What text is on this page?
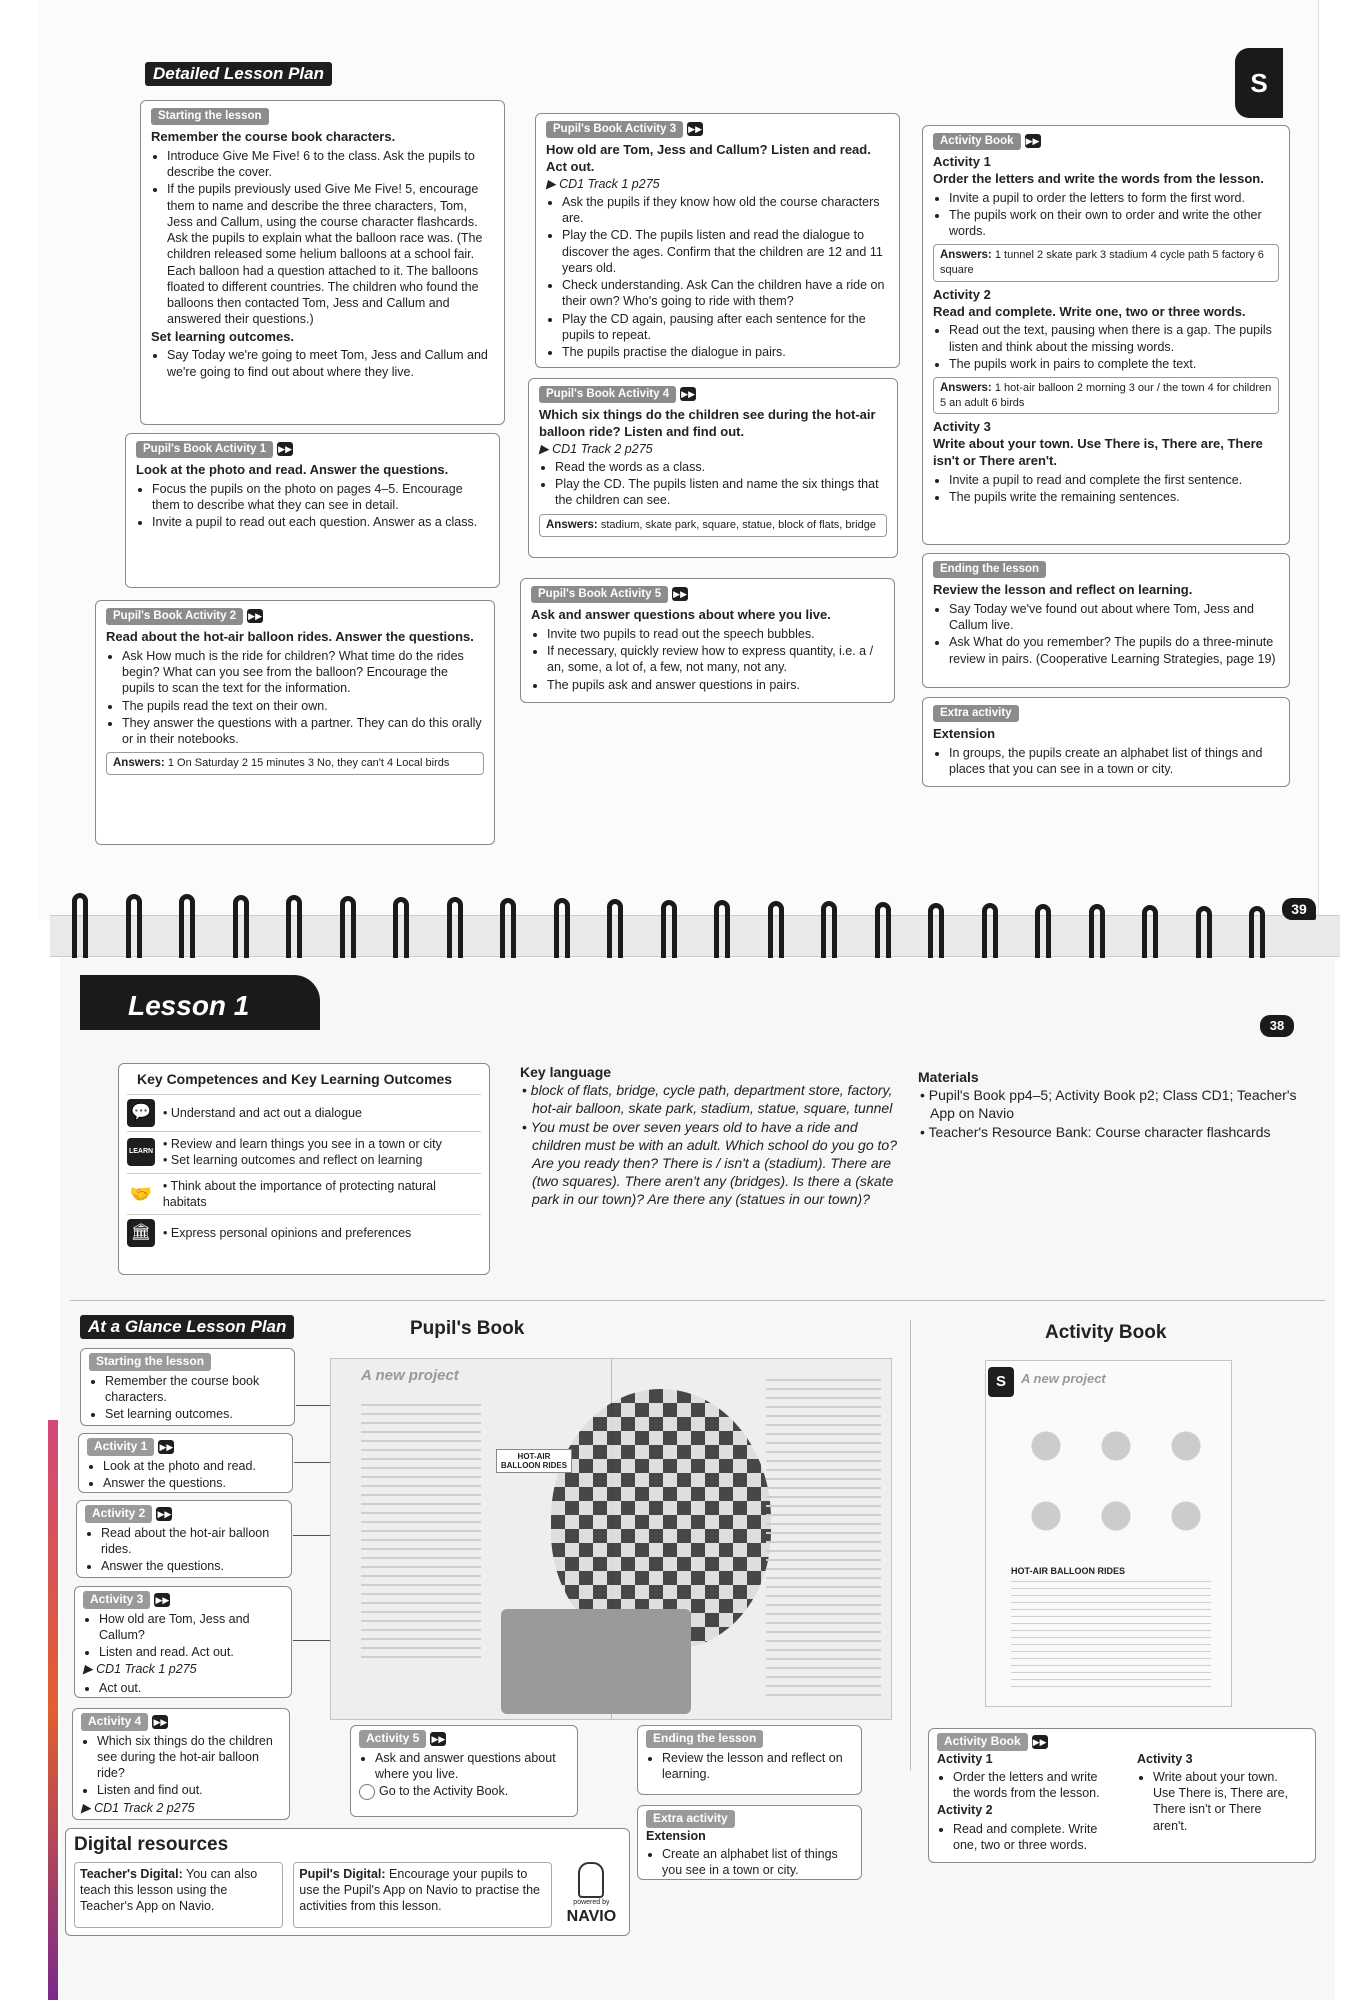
Detailed Lesson Plan	S
Starting the lesson
Remember the course book characters.
• Introduce Give Me Five! 6 to the class. Ask the pupils to describe the cover.
• If the pupils previously used Give Me Five! 5, encourage them to name and describe the three characters, Tom, Jess and Callum, using the course character flashcards. Ask the pupils to explain what the balloon race was. (The children released some helium balloons at a school fair. Each balloon had a question attached to it. The balloons floated to different countries. The children who found the balloons then contacted Tom, Jess and Callum and answered their questions.)
Set learning outcomes.
• Say Today we're going to meet Tom, Jess and Callum and we're going to find out about where they live.
Pupil's Book Activity 1 ▶▶
Look at the photo and read. Answer the questions.
• Focus the pupils on the photo on pages 4–5. Encourage them to describe what they can see in detail.
• Invite a pupil to read out each question. Answer as a class.
Pupil's Book Activity 2 ▶▶
Read about the hot-air balloon rides. Answer the questions.
• Ask How much is the ride for children? What time do the rides begin? What can you see from the balloon? Encourage the pupils to scan the text for the information.
• The pupils read the text on their own.
• They answer the questions with a partner. They can do this orally or in their notebooks.
Answers: 1 On Saturday 2 15 minutes 3 No, they can't 4 Local birds
Pupil's Book Activity 3 ▶▶
How old are Tom, Jess and Callum? Listen and read. Act out.
▶ CD1 Track 1 p275
• Ask the pupils if they know how old the course characters are.
• Play the CD. The pupils listen and read the dialogue to discover the ages. Confirm that the children are 12 and 11 years old.
• Check understanding. Ask Can the children have a ride on their own? Who's going to ride with them?
• Play the CD again, pausing after each sentence for the pupils to repeat.
• The pupils practise the dialogue in pairs.
Pupil's Book Activity 4 ▶▶
Which six things do the children see during the hot-air balloon ride? Listen and find out.
▶ CD1 Track 2 p275
• Read the words as a class.
• Play the CD. The pupils listen and name the six things that the children can see.
Answers: stadium, skate park, square, statue, block of flats, bridge
Pupil's Book Activity 5 ▶▶
Ask and answer questions about where you live.
• Invite two pupils to read out the speech bubbles.
• If necessary, quickly review how to express quantity, i.e. a / an, some, a lot of, a few, not many, not any.
• The pupils ask and answer questions in pairs.
Activity Book ▶▶
Activity 1
Order the letters and write the words from the lesson.
• Invite a pupil to order the letters to form the first word.
• The pupils work on their own to order and write the other words.
Answers: 1 tunnel 2 skate park 3 stadium 4 cycle path 5 factory 6 square
Activity 2
Read and complete. Write one, two or three words.
• Read out the text, pausing when there is a gap. The pupils listen and think about the missing words.
• The pupils work in pairs to complete the text.
Answers: 1 hot-air balloon 2 morning 3 our / the town 4 for children 5 an adult 6 birds
Activity 3
Write about your town. Use There is, There are, There isn't or There aren't.
• Invite a pupil to read and complete the first sentence.
• The pupils write the remaining sentences.
Ending the lesson
Review the lesson and reflect on learning.
• Say Today we've found out about where Tom, Jess and Callum live.
• Ask What do you remember? The pupils do a three-minute review in pairs. (Cooperative Learning Strategies, page 19)
Extra activity
Extension
• In groups, the pupils create an alphabet list of things and places that you can see in a town or city.
39
Lesson 1
38
Key Competences and Key Learning Outcomes
💬 • Understand and act out a dialogue
LEARN
• Review and learn things you see in a town or city
• Set learning outcomes and reflect on learning
🤝 • Think about the importance of protecting natural habitats
🏛 • Express personal opinions and preferences
Key language
• block of flats, bridge, cycle path, department store, factory, hot-air balloon, skate park, stadium, statue, square, tunnel
• You must be over seven years old to have a ride and children must be with an adult. Which school do you go to? Are you ready then? There is / isn't a (stadium). There are (two squares). There aren't any (bridges). Is there a (skate park in our town)? Are there any (statues in our town)?
Materials
• Pupil's Book pp4–5; Activity Book p2; Class CD1; Teacher's App on Navio
• Teacher's Resource Bank: Course character flashcards
At a Glance Lesson Plan	Pupil's Book	Activity Book
Starting the lesson
• Remember the course book characters.
• Set learning outcomes.
Activity 1 ▶▶
• Look at the photo and read.
• Answer the questions.
Activity 2 ▶▶
• Read about the hot-air balloon rides.
• Answer the questions.
Activity 3 ▶▶
• How old are Tom, Jess and Callum?
• Listen and read. Act out.
▶ CD1 Track 1 p275
• Act out.
Activity 4 ▶▶
• Which six things do the children see during the hot-air balloon ride?
• Listen and find out.
▶ CD1 Track 2 p275
A new project
HOT-AIR BALLOON RIDES
S	A new project
HOT-AIR BALLOON RIDES
Activity 5 ▶▶
• Ask and answer questions about where you live.
Go to the Activity Book.
Ending the lesson
• Review the lesson and reflect on learning.
Extra activity
Extension
• Create an alphabet list of things you see in a town or city.
Activity Book ▶▶
Activity 1
• Order the letters and write the words from the lesson.
Activity 2
• Read and complete. Write one, two or three words.
Activity 3
• Write about your town. Use There is, There are, There isn't or There aren't.
Digital resources
Teacher's Digital: You can also teach this lesson using the Teacher's App on Navio.
Pupil's Digital: Encourage your pupils to use the Pupil's App on Navio to practise the activities from this lesson.	powered by
NAVIO
